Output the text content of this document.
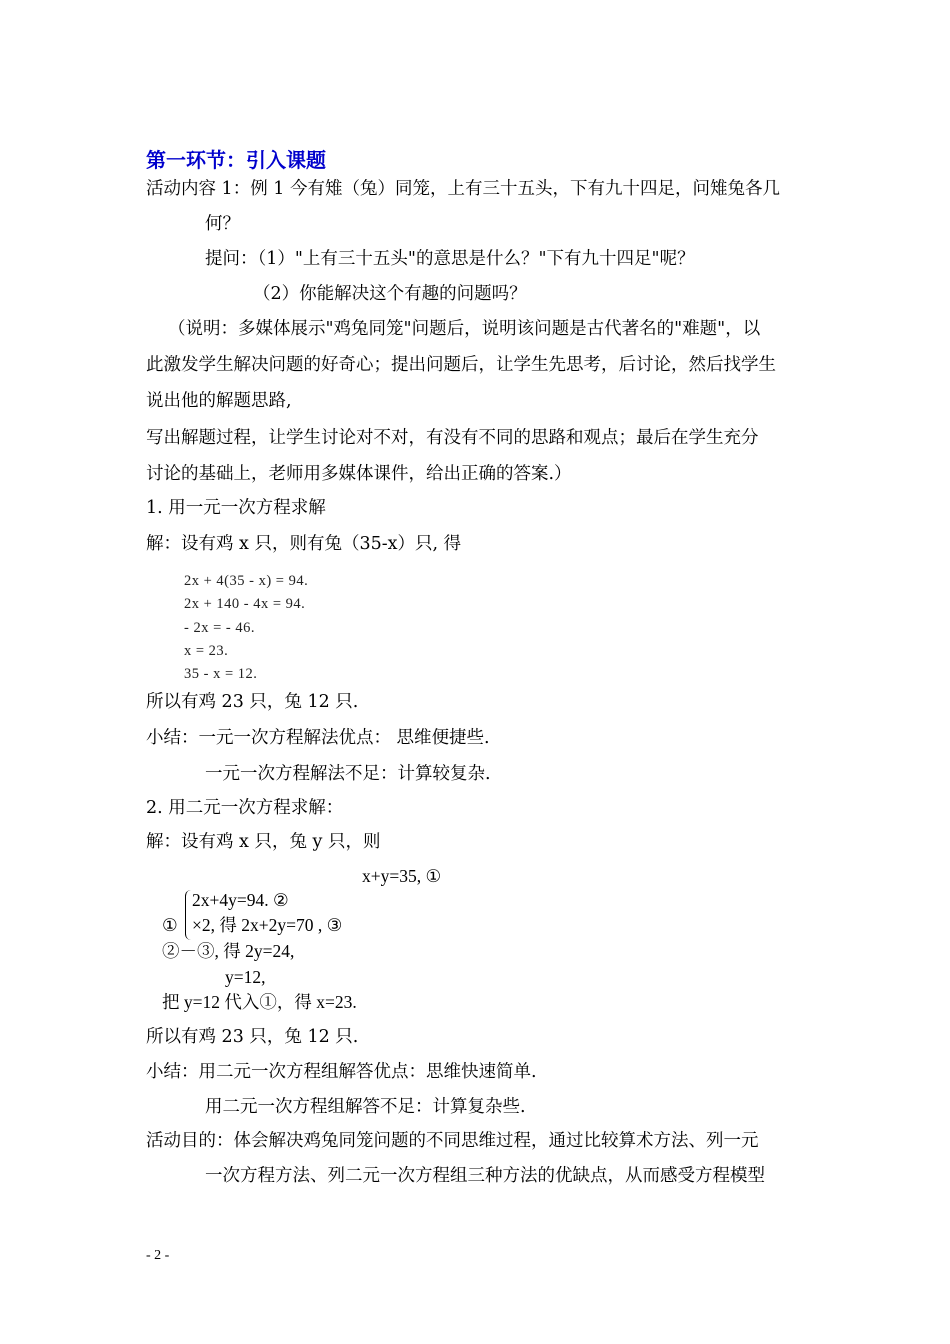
第一环节：引入课题
活动内容 1：例 1 今有雉（兔）同笼，上有三十五头，下有九十四足，问雉兔各几
何？
提问：（1）"上有三十五头"的意思是什么？"下有九十四足"呢？
（2）你能解决这个有趣的问题吗？
（说明：多媒体展示"鸡兔同笼"问题后，说明该问题是古代著名的"难题"，以
此激发学生解决问题的好奇心；提出问题后，让学生先思考，后讨论，然后找学生
说出他的解题思路,
写出解题过程，让学生讨论对不对，有没有不同的思路和观点；最后在学生充分
讨论的基础上，老师用多媒体课件，给出正确的答案.）
1. 用一元一次方程求解
解：设有鸡 x 只，则有兔（35-x）只, 得
2x + 4(35 - x) = 94.
2x + 140 - 4x = 94.
- 2x = - 46.
x = 23.
35 - x = 12.
所以有鸡 23 只，兔 12 只.
小结：一元一次方程解法优点： 思维便捷些.
一元一次方程解法不足：计算较复杂.
2. 用二元一次方程求解：
解：设有鸡 x 只，兔 y 只，则
x+y=35, ①
2x+4y=94. ②
① ×2, 得 2x+2y=70 , ③
②－③, 得 2y=24,
y=12,
把 y=12 代入①，得 x=23.
所以有鸡 23 只，兔 12 只.
小结：用二元一次方程组解答优点：思维快速简单.
用二元一次方程组解答不足：计算复杂些.
活动目的：体会解决鸡兔同笼问题的不同思维过程，通过比较算术方法、列一元
一次方程方法、列二元一次方程组三种方法的优缺点，从而感受方程模型
- 2 -
